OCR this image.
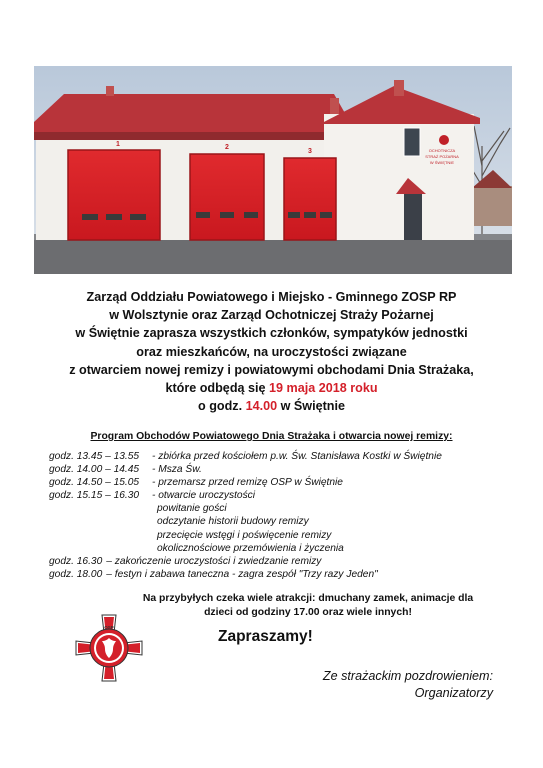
OCHOTNICZA
STRAŻ POŻARNA
W ŚWIĘTNIE
1	2
3
Zarząd Oddziału Powiatowego i Miejsko - Gminnego ZOSP RP
w Wolsztynie oraz Zarząd Ochotniczej Straży Pożarnej
w Świętnie zaprasza wszystkich członków, sympatyków jednostki
oraz mieszkańców, na uroczystości związane
z otwarciem nowej remizy i powiatowymi obchodami Dnia Strażaka,
które odbędą się 19 maja 2018 roku
o godz. 14.00 w Świętnie
Program Obchodów Powiatowego Dnia Strażaka i otwarcia nowej remizy:
godz. 13.45 – 13.55	- zbiórka przed kościołem p.w. Św. Stanisława Kostki w Świętnie
godz. 14.00 – 14.45	- Msza Św.
godz. 14.50 – 15.05	- przemarsz przed remizę OSP w Świętnie
godz. 15.15 – 16.30	- otwarcie uroczystości
powitanie gości
odczytanie historii budowy remizy
przecięcie wstęgi i poświęcenie remizy
okolicznościowe przemówienia i życzenia
godz. 16.30 – zakończenie uroczystości i zwiedzanie remizy
godz. 18.00 – festyn i zabawa taneczna - zagra zespół "Trzy razy Jeden"
Na przybyłych czeka wiele atrakcji: dmuchany zamek, animacje dla
dzieci od godziny 17.00 oraz wiele innych!
OSP
Zapraszamy!
Ze strażackim pozdrowieniem:
Organizatorzy
